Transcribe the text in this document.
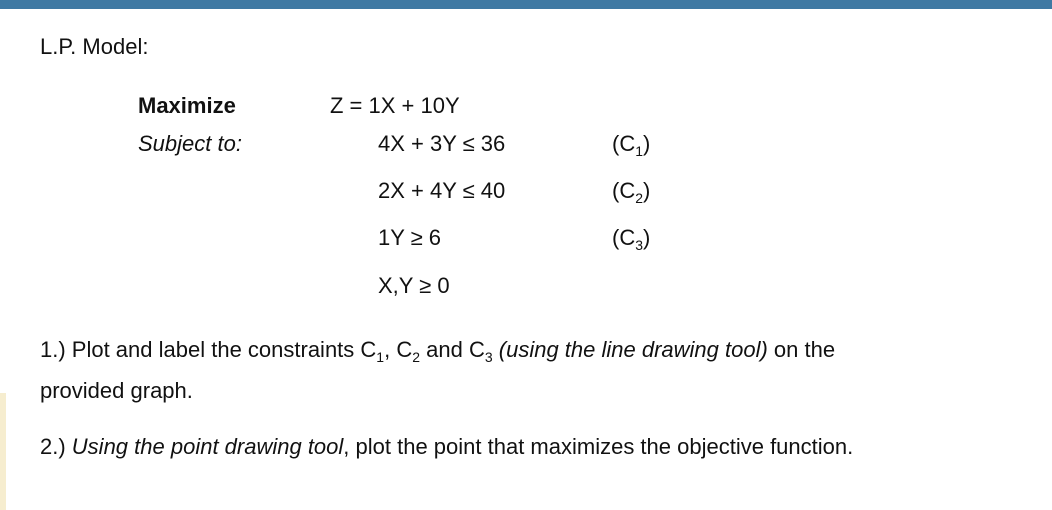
L.P. Model:
Maximize
Subject to:
Z = 1X + 10Y
4X + 3Y ≤ 36
2X + 4Y ≤ 40
1Y ≥ 6
X,Y ≥ 0
$(C_1)$
$(C_2)$
$(C_3)$
1.) Plot and label the constraints $C_1$, $C_2$ and $C_3$ (using the line drawing tool) on the
provided graph.
2.) Using the point drawing tool, plot the point that maximizes the objective function.
